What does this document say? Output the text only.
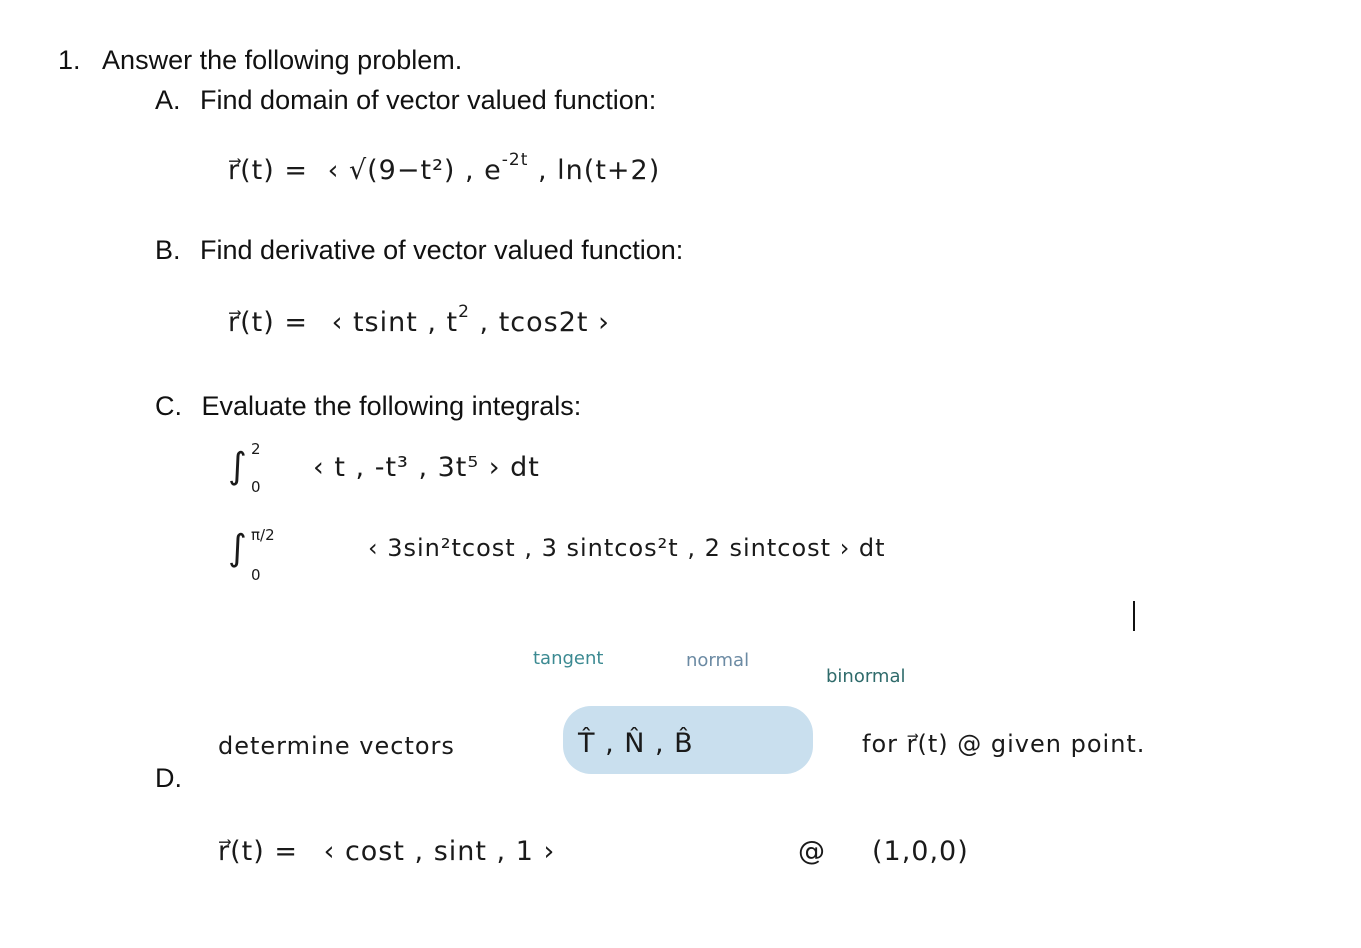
1. Answer the following problem.
A. Find domain of vector valued function:
r⃗(t) = ‹ √(9−t²) , $e^{-2t}$ , ln(t+2)
B. Find derivative of vector valued function:
r⃗(t) = ‹ tsint , $t^2$ , tcos2t ›
C. Evaluate the following integrals:
∫ 2
0
‹ t , -t³ , 3t⁵ › dt
∫ π/2
0
‹ 3sin²tcost , 3 sintcos²t , 2 sintcost › dt
tangent	normal
binormal
D.
determine vectors	T̂ , N̂ , B̂	for r⃗(t) @ given point.
r⃗(t) = ‹ cost , sint , 1 ›	@ (1,0,0)
